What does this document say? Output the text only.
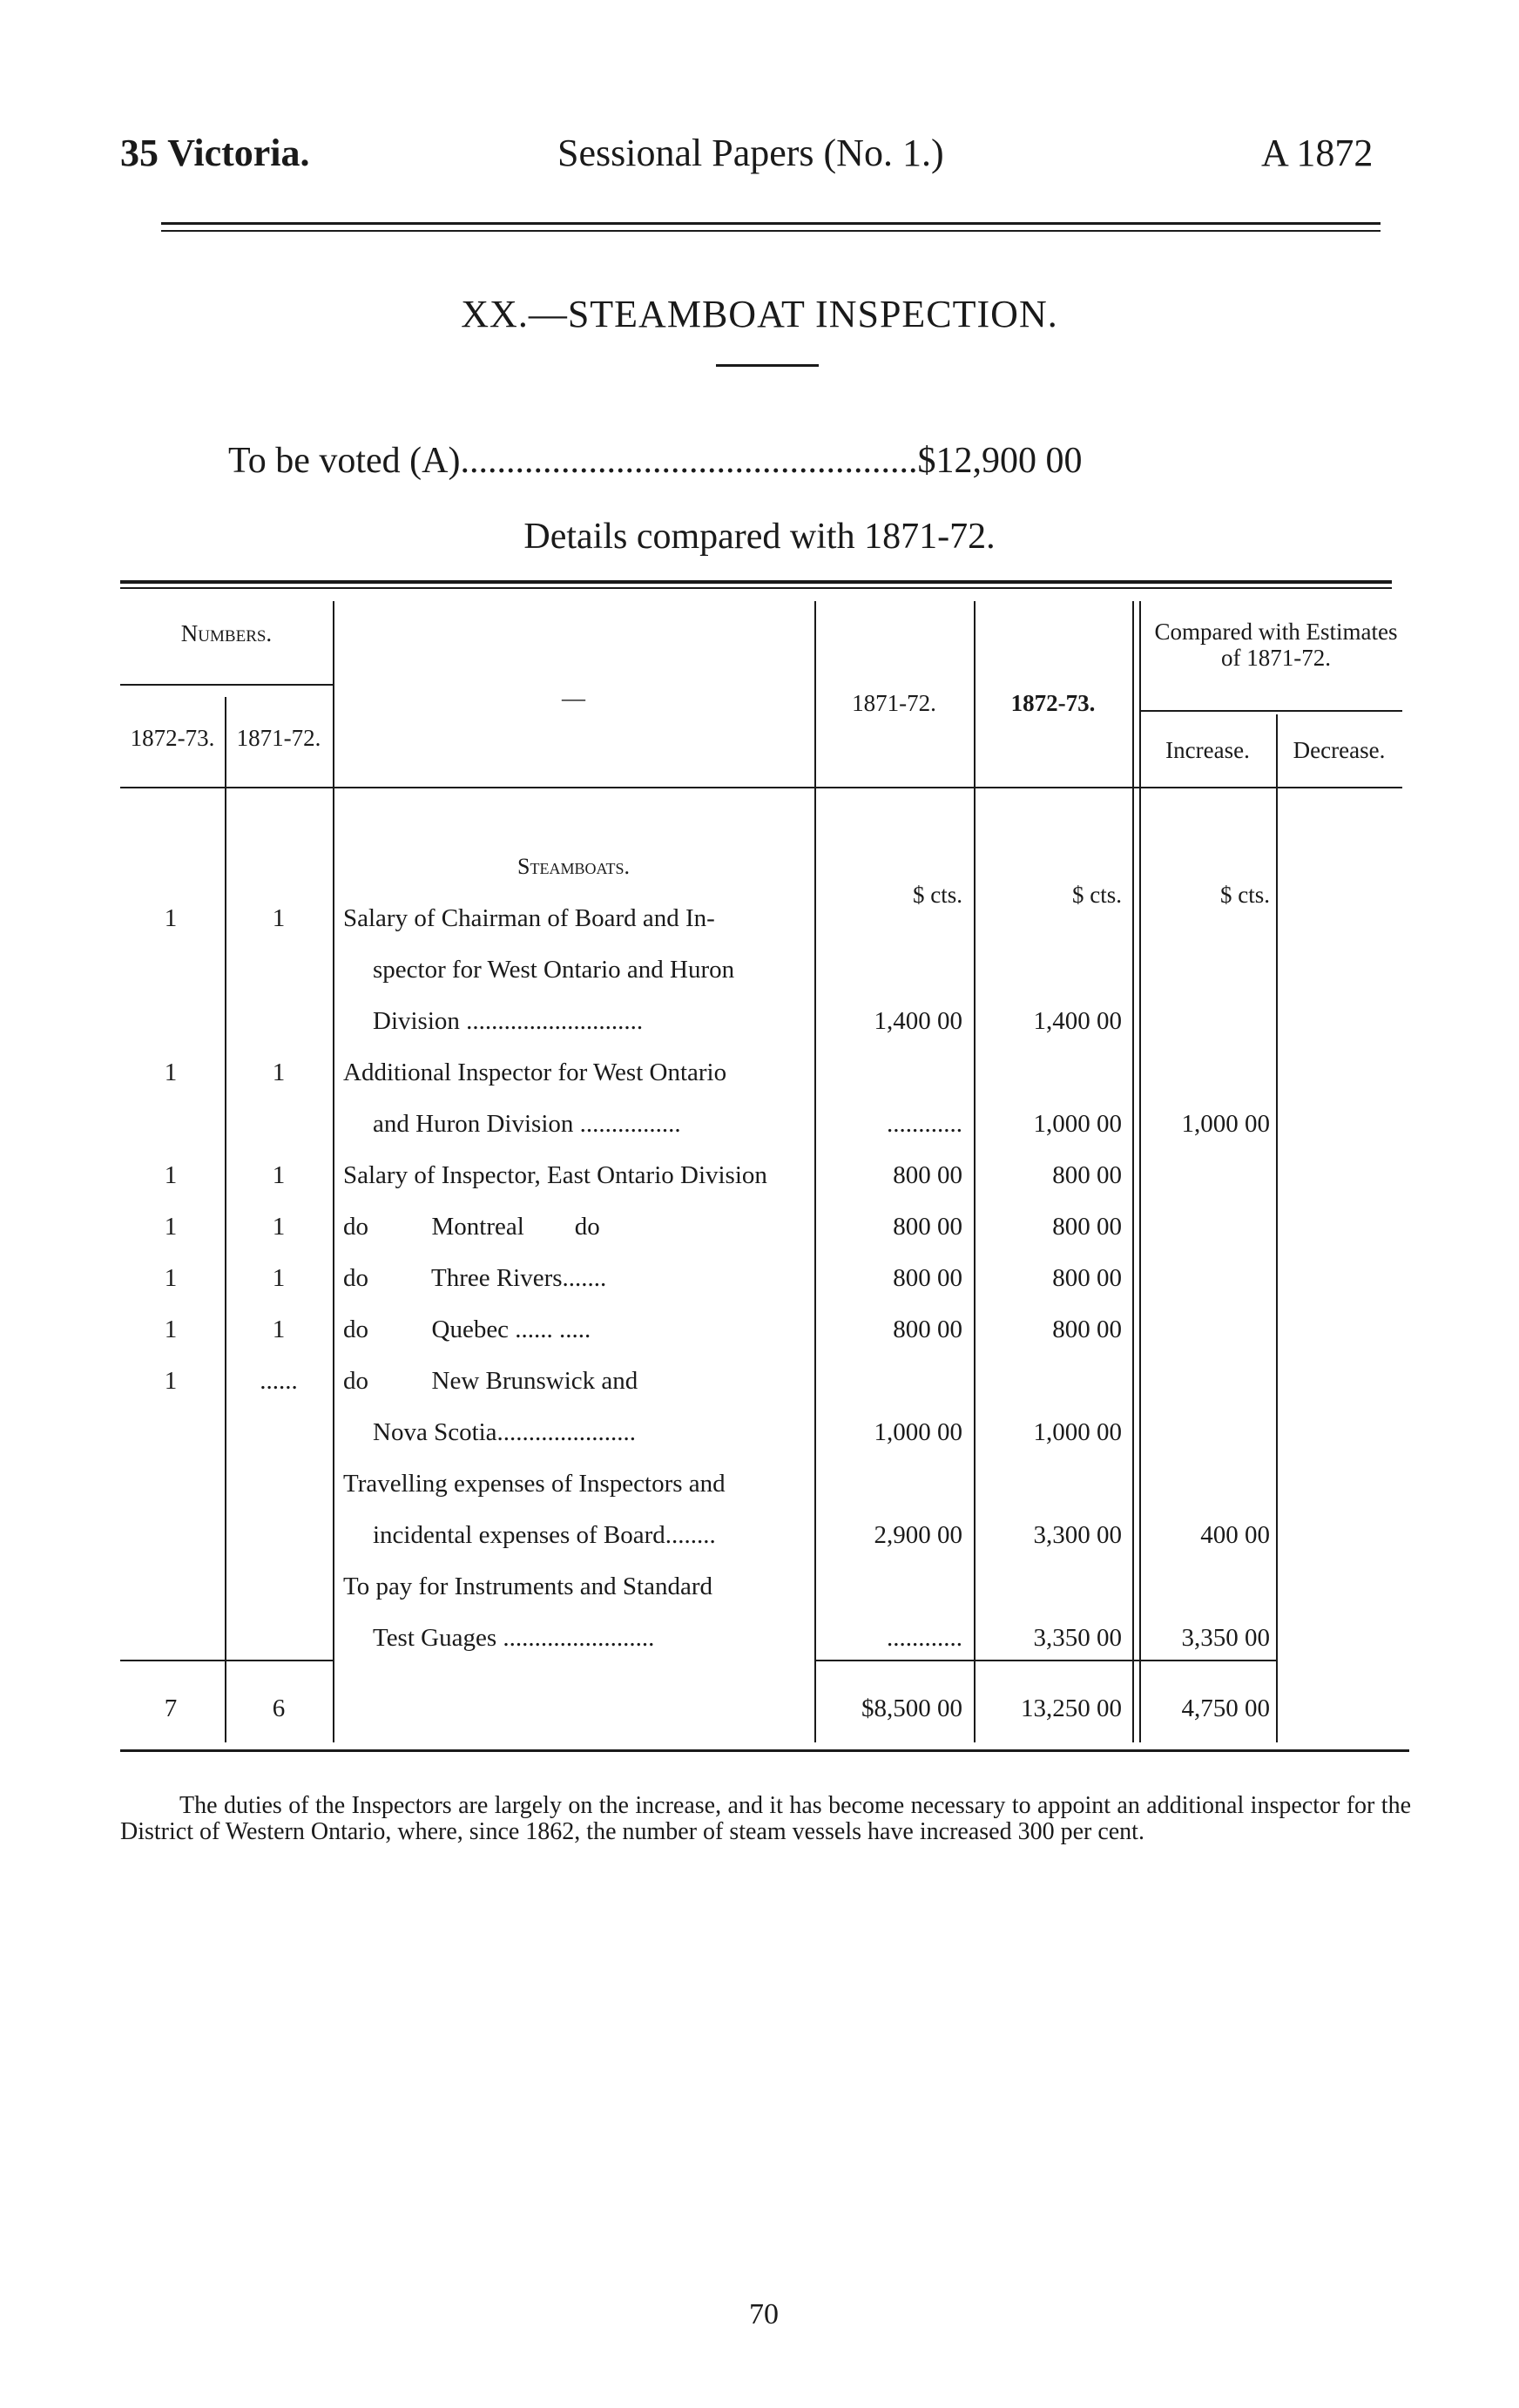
35 Victoria.	Sessional Papers (No. 1.)	A 1872
XX.—STEAMBOAT INSPECTION.
To be voted (A)..................................................$12,900 00
Details compared with 1871-72.
Numbers.
1872-73. 1871-72.
—	1871-72.	1872-73.
Compared with Estimates of 1871-72.
Increase.	Decrease.
Steamboats.
$ cts.	$ cts.	$ cts.
1	1	Salary of Chairman of Board and In-
spector for West Ontario and Huron
Division ............................	1,400 00	1,400 00
1	1	Additional Inspector for West Ontario
and Huron Division ................	............	1,000 00	1,000 00
1	1	Salary of Inspector, East Ontario Division	800 00	800 00
1	1	do          Montreal        do	800 00	800 00
1	1	do          Three Rivers.......	800 00	800 00
1	1	do          Quebec ...... .....	800 00	800 00
1	......	do          New Brunswick and
Nova Scotia......................	1,000 00	1,000 00
Travelling expenses of Inspectors and
incidental expenses of Board........	2,900 00	3,300 00	400 00
To pay for Instruments and Standard
Test Guages ........................	............	3,350 00	3,350 00
7	6	$8,500 00	13,250 00	4,750 00
The duties of the Inspectors are largely on the increase, and it has become necessary to appoint an additional inspector for the District of Western Ontario, where, since 1862, the number of steam vessels have increased 300 per cent.
70
